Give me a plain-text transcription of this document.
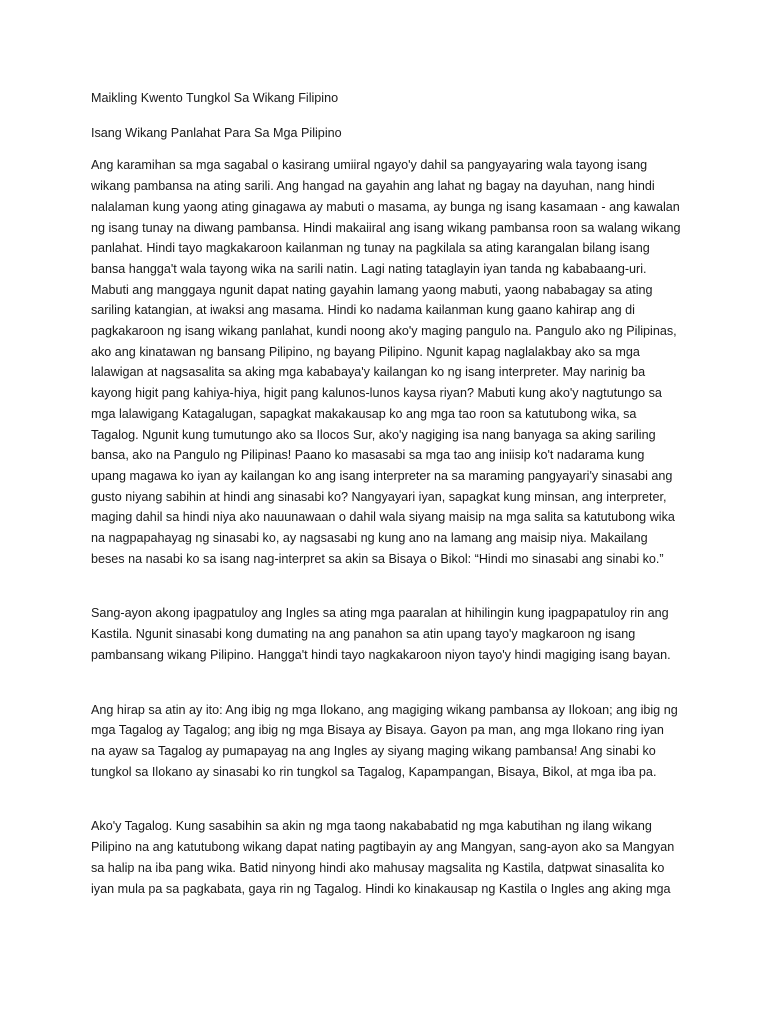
Maikling Kwento Tungkol Sa Wikang Filipino

Isang Wikang Panlahat Para Sa Mga Pilipino

Ang karamihan sa mga sagabal o kasirang umiiral ngayo'y dahil sa pangyayaring wala tayong isang wikang pambansa na ating sarili. Ang hangad na gayahin ang lahat ng bagay na dayuhan, nang hindi nalalaman kung yaong ating ginagawa ay mabuti o masama, ay bunga ng isang kasamaan - ang kawalan ng isang tunay na diwang pambansa. Hindi makaiiral ang isang wikang pambansa roon sa walang wikang panlahat. Hindi tayo magkakaroon kailanman ng tunay na pagkilala sa ating karangalan bilang isang bansa hangga't wala tayong wika na sarili natin. Lagi nating tataglayin iyan tanda ng kababaang-uri. Mabuti ang manggaya ngunit dapat nating gayahin lamang yaong mabuti, yaong nababagay sa ating sariling katangian, at iwaksi ang masama. Hindi ko nadama kailanman kung gaano kahirap ang di pagkakaroon ng isang wikang panlahat, kundi noong ako'y maging pangulo na. Pangulo ako ng Pilipinas, ako ang kinatawan ng bansang Pilipino, ng bayang Pilipino. Ngunit kapag naglalakbay ako sa mga lalawigan at nagsasalita sa aking mga kababaya'y kailangan ko ng isang interpreter. May narinig ba kayong higit pang kahiya-hiya, higit pang kalunos-lunos kaysa riyan? Mabuti kung ako'y nagtutungo sa mga lalawigang Katagalugan, sapagkat makakausap ko ang mga tao roon sa katutubong wika, sa Tagalog. Ngunit kung tumutungo ako sa Ilocos Sur, ako'y nagiging isa nang banyaga sa aking sariling bansa, ako na Pangulo ng Pilipinas! Paano ko masasabi sa mga tao ang iniisip ko't nadarama kung upang magawa ko iyan ay kailangan ko ang isang interpreter na sa maraming pangyayari'y sinasabi ang gusto niyang sabihin at hindi ang sinasabi ko? Nangyayari iyan, sapagkat kung minsan, ang interpreter, maging dahil sa hindi niya ako nauunawaan o dahil wala siyang maisip na mga salita sa katutubong wika na nagpapahayag ng sinasabi ko, ay nagsasabi ng kung ano na lamang ang maisip niya. Makailang beses na nasabi ko sa isang nag-interpret sa akin sa Bisaya o Bikol: “Hindi mo sinasabi ang sinabi ko.”

Sang-ayon akong ipagpatuloy ang Ingles sa ating mga paaralan at hihilingin kung ipagpapatuloy rin ang Kastila. Ngunit sinasabi kong dumating na ang panahon sa atin upang tayo'y magkaroon ng isang pambansang wikang Pilipino. Hangga't hindi tayo nagkakaroon niyon tayo'y hindi magiging isang bayan.

Ang hirap sa atin ay ito: Ang ibig ng mga Ilokano, ang magiging wikang pambansa ay Ilokoan; ang ibig ng mga Tagalog ay Tagalog; ang ibig ng mga Bisaya ay Bisaya. Gayon pa man, ang mga Ilokano ring iyan na ayaw sa Tagalog ay pumapayag na ang Ingles ay siyang maging wikang pambansa! Ang sinabi ko tungkol sa Ilokano ay sinasabi ko rin tungkol sa Tagalog, Kapampangan, Bisaya, Bikol, at mga iba pa.

Ako'y Tagalog. Kung sasabihin sa akin ng mga taong nakababatid ng mga kabutihan ng ilang wikang Pilipino na ang katutubong wikang dapat nating pagtibayin ay ang Mangyan, sang-ayon ako sa Mangyan sa halip na iba pang wika. Batid ninyong hindi ako mahusay magsalita ng Kastila, datpwat sinasalita ko iyan mula pa sa pagkabata, gaya rin ng Tagalog. Hindi ko kinakausap ng Kastila o Ingles ang aking mga
